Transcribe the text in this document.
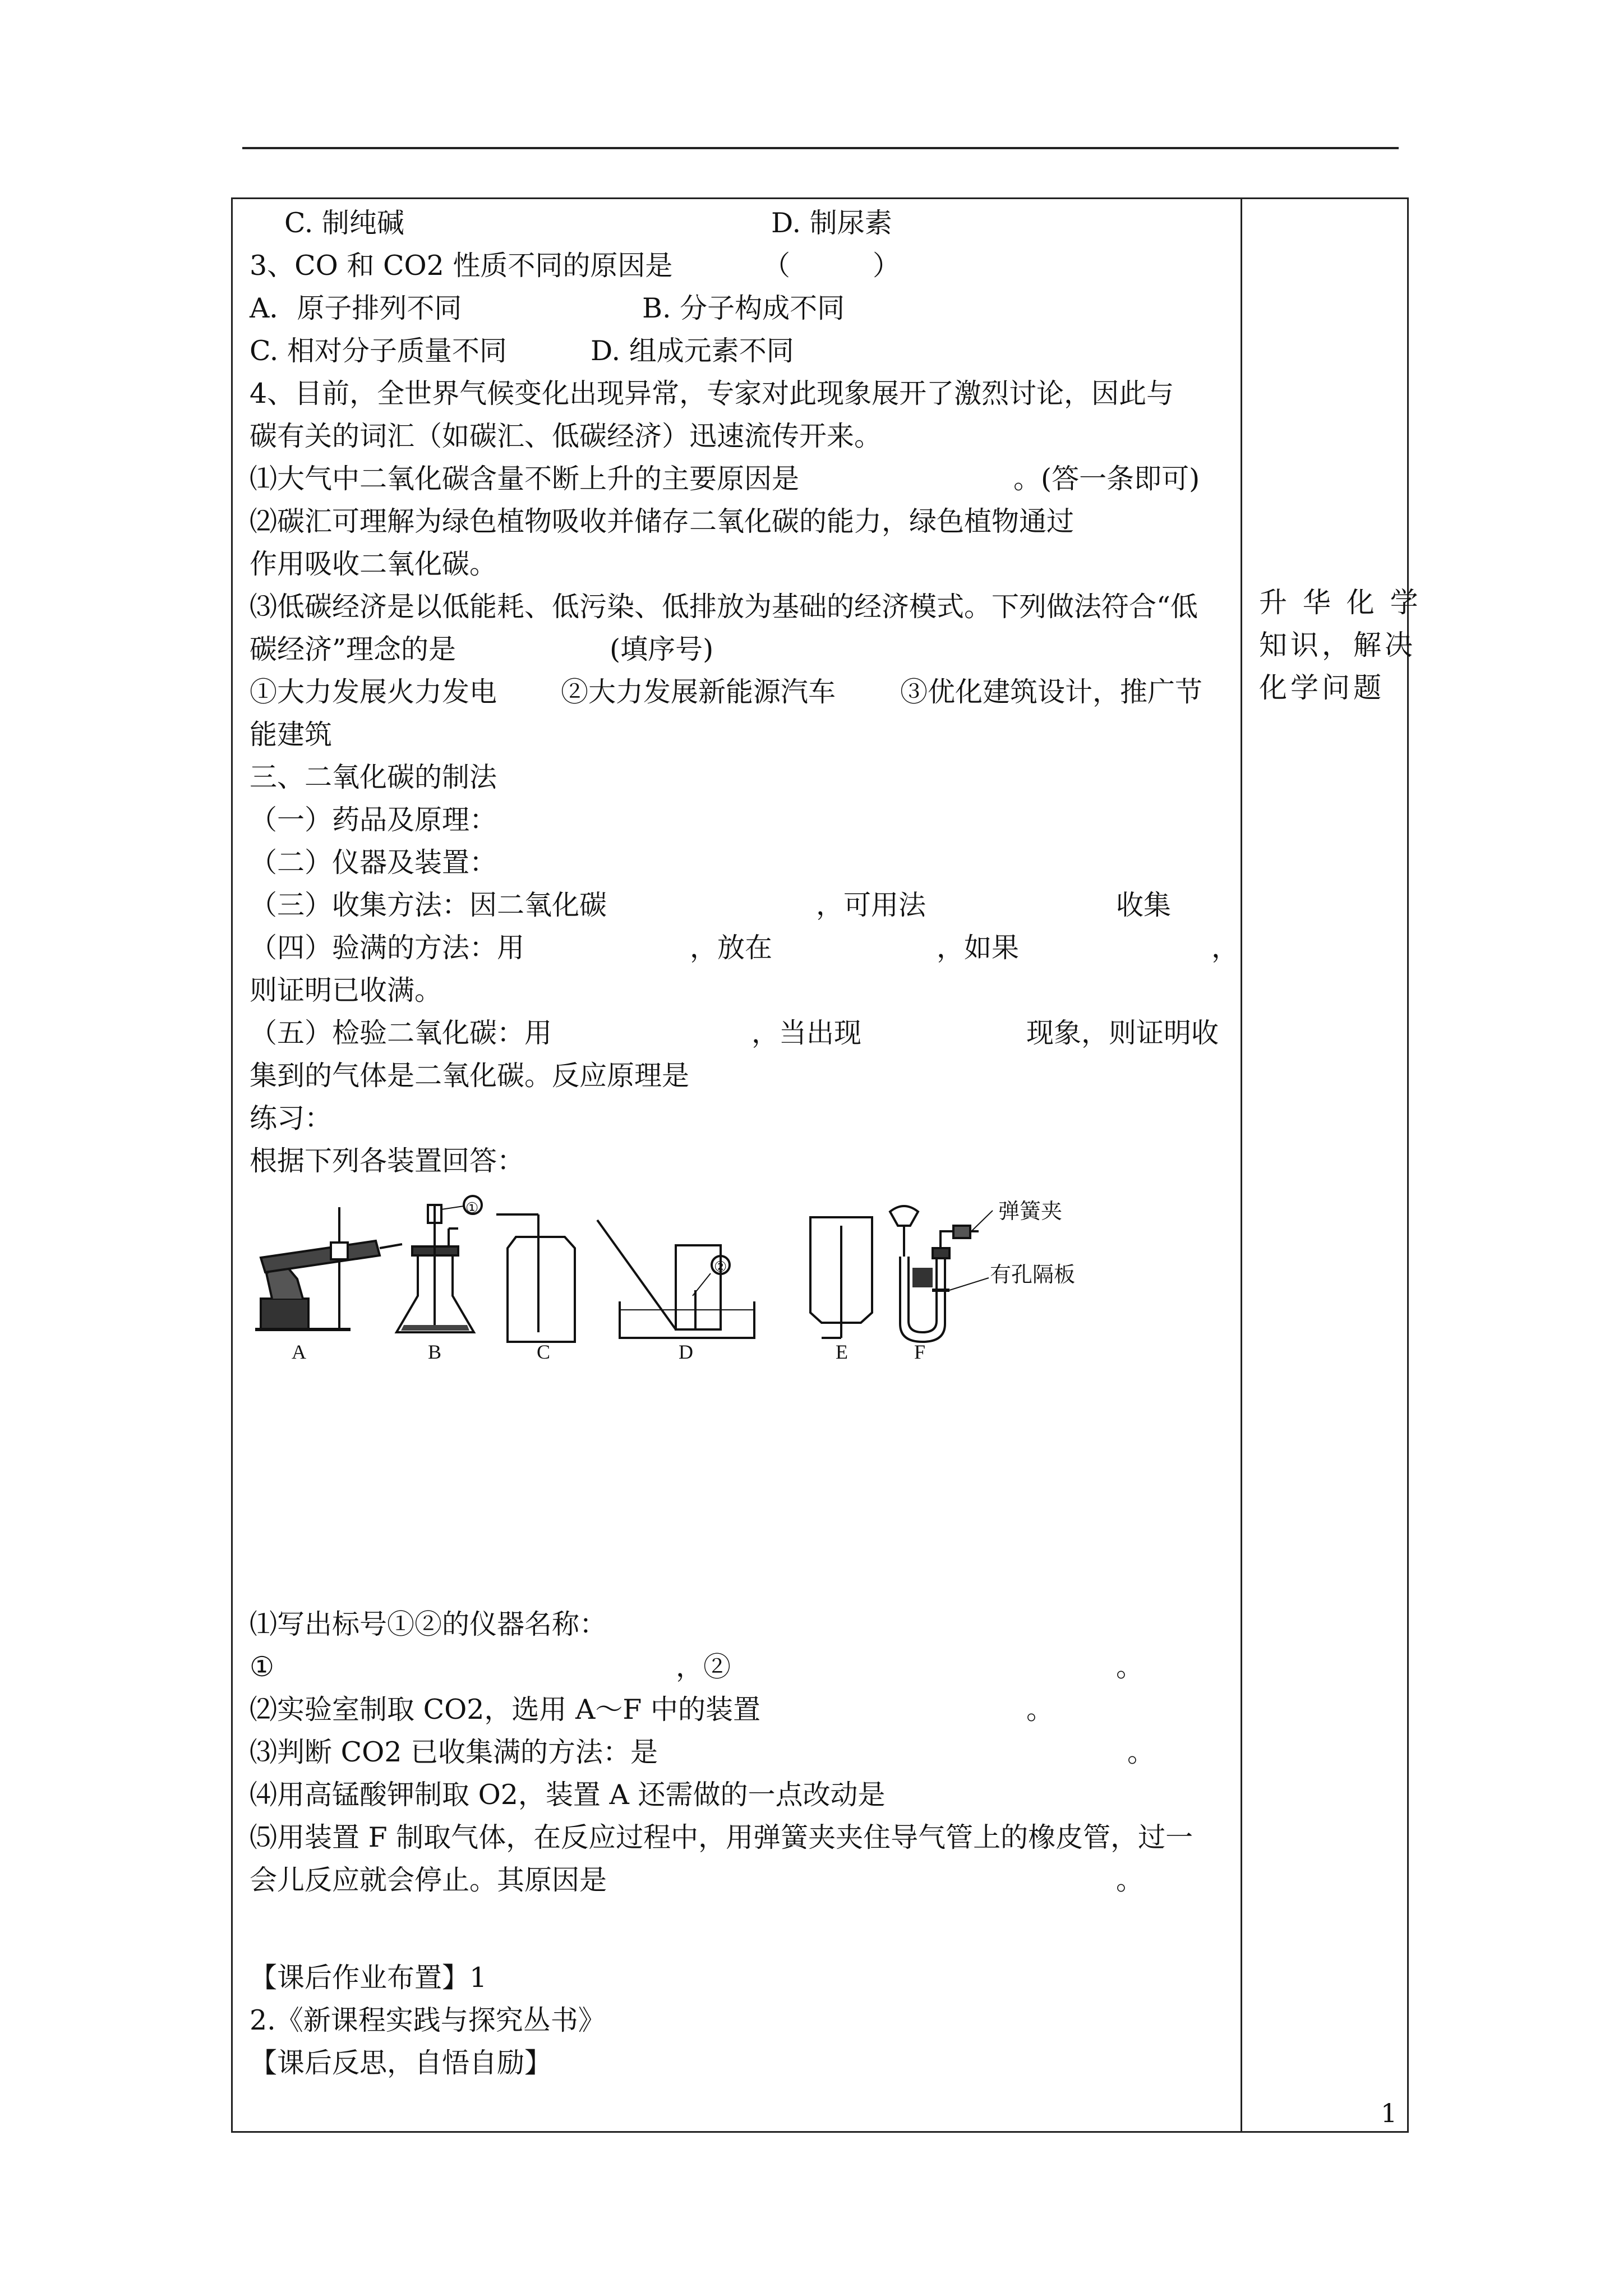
C. 制纯碱

	D. 制尿素

3、CO 和 CO2 性质不同的原因是

	（　　　）

A．原子排列不同

	B. 分子构成不同

C. 相对分子质量不同

	D. 组成元素不同

4、目前，全世界气候变化出现异常，专家对此现象展开了激烈讨论，因此与
碳有关的词汇（如碳汇、低碳经济）迅速流传开来。

⑴大气中二氧化碳含量不断上升的主要原因是

	。(答一条即可)

⑵碳汇可理解为绿色植物吸收并储存二氧化碳的能力，绿色植物通过
作用吸收二氧化碳。
⑶低碳经济是以低能耗、低污染、低排放为基础的经济模式。下列做法符合“低

碳经济”理念的是

	(填序号)

①大力发展火力发电

②大力发展新能源汽车

③优化建筑设计，推广节

能建筑
三、二氧化碳的制法
（一）药品及原理：
（二）仪器及装置：

（三）收集方法：因二氧化碳

	，可用法

	收集

（四）验满的方法：用

	，放在

	，如果

	，

则证明已收满。

（五）检验二氧化碳：用

	，当出现

	现象，则证明收

集到的气体是二氧化碳。反应原理是
练习：
根据下列各装置回答：
A
①
B	C
②
D	E
弹簧夹
有孔隔板
F
⑴写出标号①②的仪器名称：

①

	，②

	。

⑵实验室制取 CO2，选用 A～F 中的装置

	。

⑶判断 CO2 已收集满的方法：是

	。

⑷用高锰酸钾制取 O2，装置 A 还需做的一点改动是
⑸用装置 F 制取气体，在反应过程中，用弹簧夹夹住导气管上的橡皮管，过一

会儿反应就会停止。其原因是

	。

【课后作业布置】1
2.《新课程实践与探究丛书》
【课后反思，自悟自励】
升 华 化 学
知识，解决
化学问题
1
